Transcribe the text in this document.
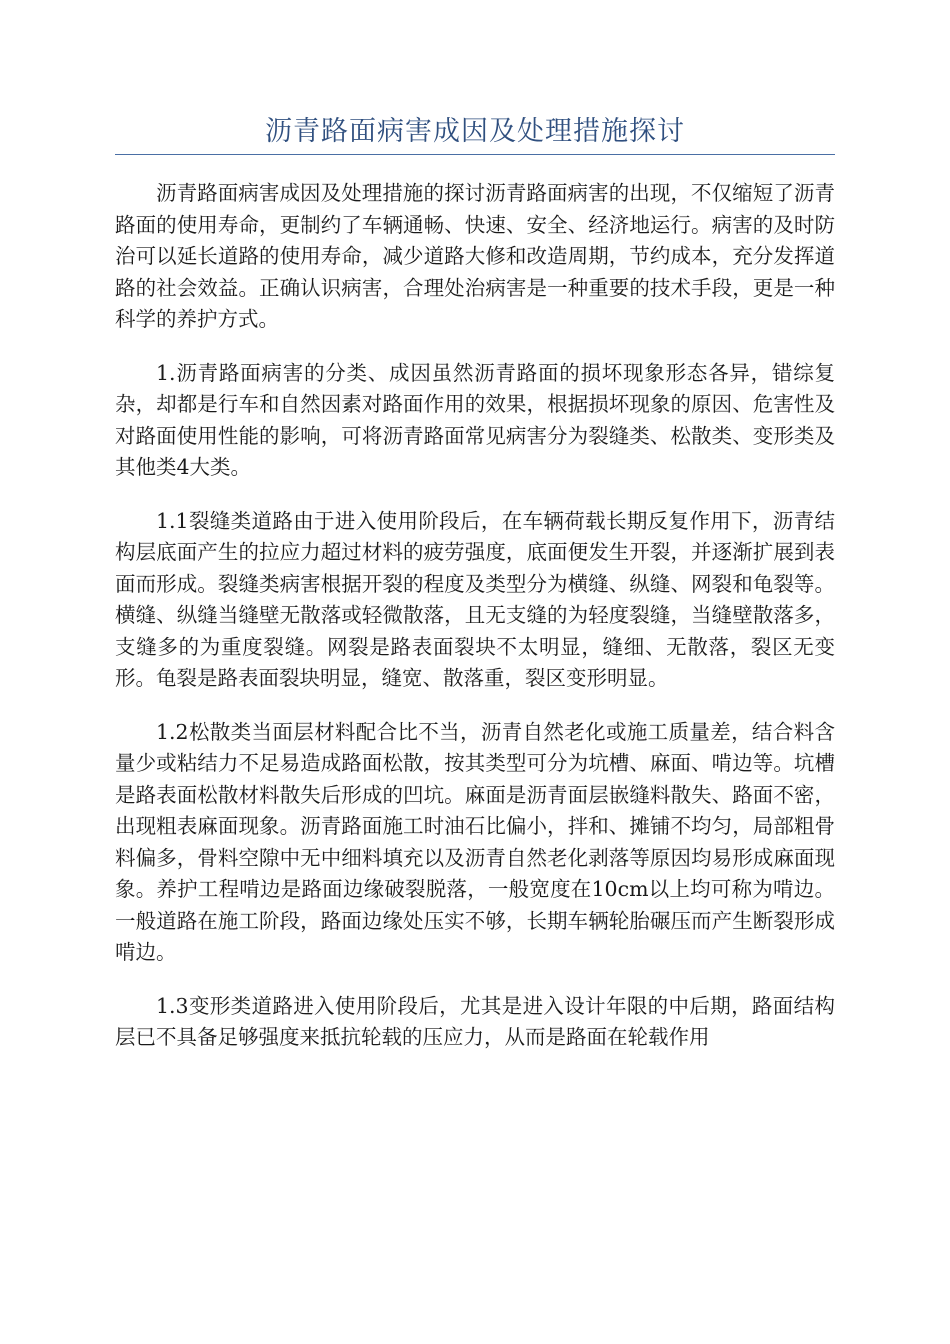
沥青路面病害成因及处理措施探讨

沥青路面病害成因及处理措施的探讨沥青路面病害的出现，不仅缩短了沥青路面的使用寿命，更制约了车辆通畅、快速、安全、经济地运行。病害的及时防治可以延长道路的使用寿命，减少道路大修和改造周期，节约成本，充分发挥道路的社会效益。正确认识病害，合理处治病害是一种重要的技术手段，更是一种科学的养护方式。

1.沥青路面病害的分类、成因虽然沥青路面的损坏现象形态各异，错综复杂，却都是行车和自然因素对路面作用的效果，根据损坏现象的原因、危害性及对路面使用性能的影响，可将沥青路面常见病害分为裂缝类、松散类、变形类及其他类4大类。

1.1裂缝类道路由于进入使用阶段后，在车辆荷载长期反复作用下，沥青结构层底面产生的拉应力超过材料的疲劳强度，底面便发生开裂，并逐渐扩展到表面而形成。裂缝类病害根据开裂的程度及类型分为横缝、纵缝、网裂和龟裂等。横缝、纵缝当缝壁无散落或轻微散落，且无支缝的为轻度裂缝，当缝壁散落多，支缝多的为重度裂缝。网裂是路表面裂块不太明显，缝细、无散落，裂区无变形。龟裂是路表面裂块明显，缝宽、散落重，裂区变形明显。

1.2松散类当面层材料配合比不当，沥青自然老化或施工质量差，结合料含量少或粘结力不足易造成路面松散，按其类型可分为坑槽、麻面、啃边等。坑槽是路表面松散材料散失后形成的凹坑。麻面是沥青面层嵌缝料散失、路面不密，出现粗表麻面现象。沥青路面施工时油石比偏小，拌和、摊铺不均匀，局部粗骨料偏多，骨料空隙中无中细料填充以及沥青自然老化剥落等原因均易形成麻面现象。养护工程啃边是路面边缘破裂脱落，一般宽度在10cm以上均可称为啃边。一般道路在施工阶段，路面边缘处压实不够，长期车辆轮胎碾压而产生断裂形成啃边。

1.3变形类道路进入使用阶段后，尤其是进入设计年限的中后期，路面结构层已不具备足够强度来抵抗轮载的压应力，从而是路面在轮载作用
